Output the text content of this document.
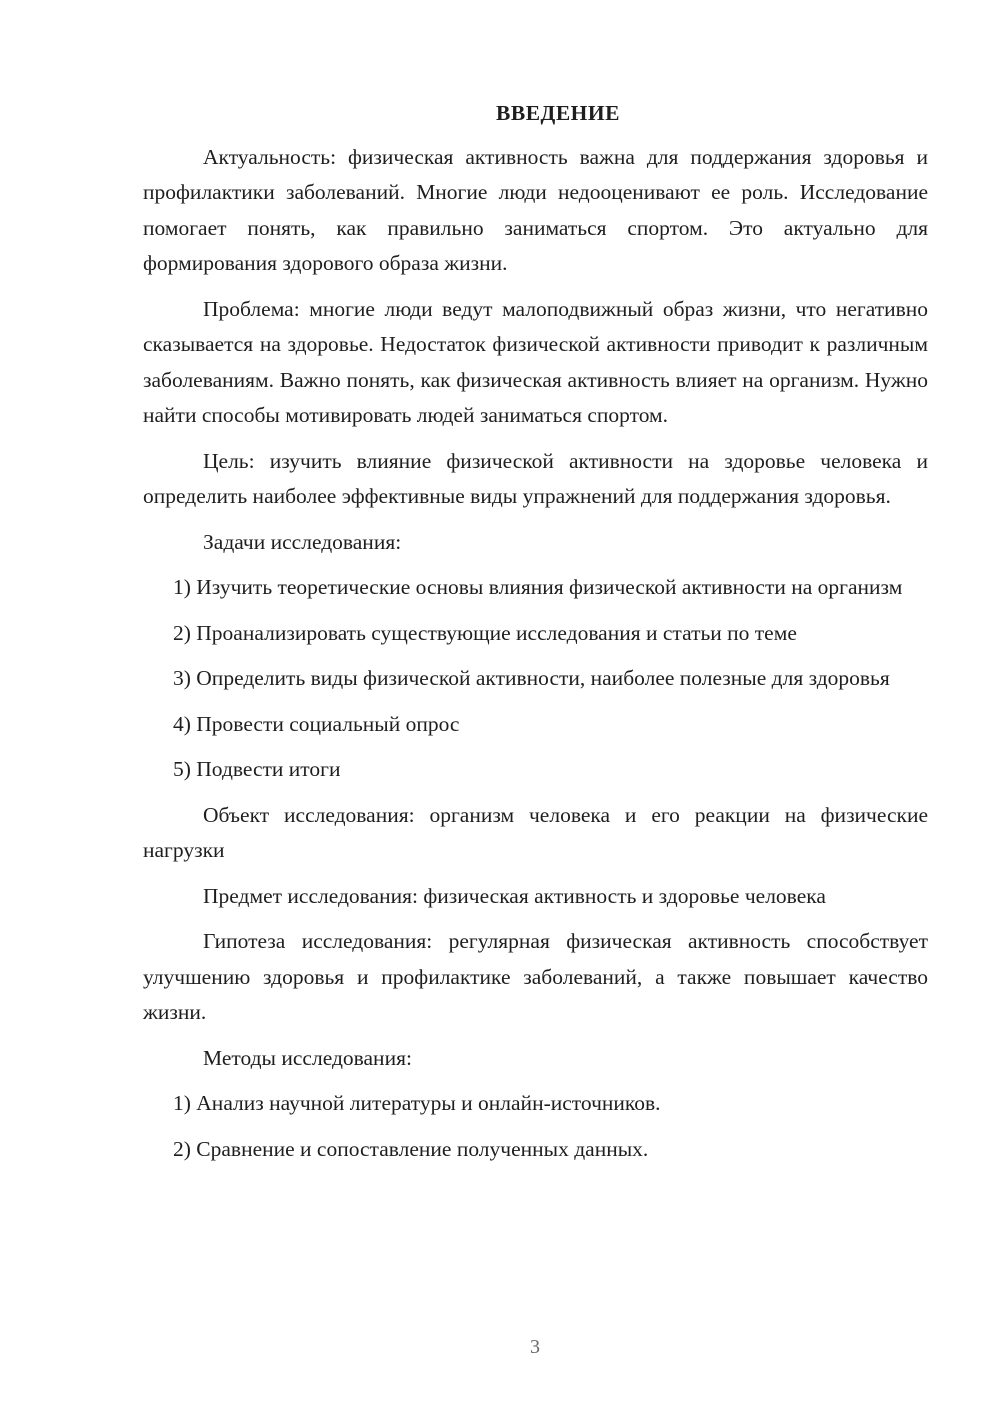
ВВЕДЕНИЕ

Актуальность: физическая активность важна для поддержания здоровья и профилактики заболеваний. Многие люди недооценивают ее роль. Исследование помогает понять, как правильно заниматься спортом. Это актуально для формирования здорового образа жизни.

Проблема: многие люди ведут малоподвижный образ жизни, что негативно сказывается на здоровье. Недостаток физической активности приводит к различным заболеваниям. Важно понять, как физическая активность влияет на организм. Нужно найти способы мотивировать людей заниматься спортом.

Цель: изучить влияние физической активности на здоровье человека и определить наиболее эффективные виды упражнений для поддержания здоровья.

Задачи исследования:

1) Изучить теоретические основы влияния физической активности на организм

2) Проанализировать существующие исследования и статьи по теме

3) Определить виды физической активности, наиболее полезные для здоровья

4) Провести социальный опрос

5) Подвести итоги

Объект исследования: организм человека и его реакции на физические нагрузки

Предмет исследования: физическая активность и здоровье человека

Гипотеза исследования: регулярная физическая активность способствует улучшению здоровья и профилактике заболеваний, а также повышает качество жизни.

Методы исследования:

1) Анализ научной литературы и онлайн-источников.

2) Сравнение и сопоставление полученных данных.

3
